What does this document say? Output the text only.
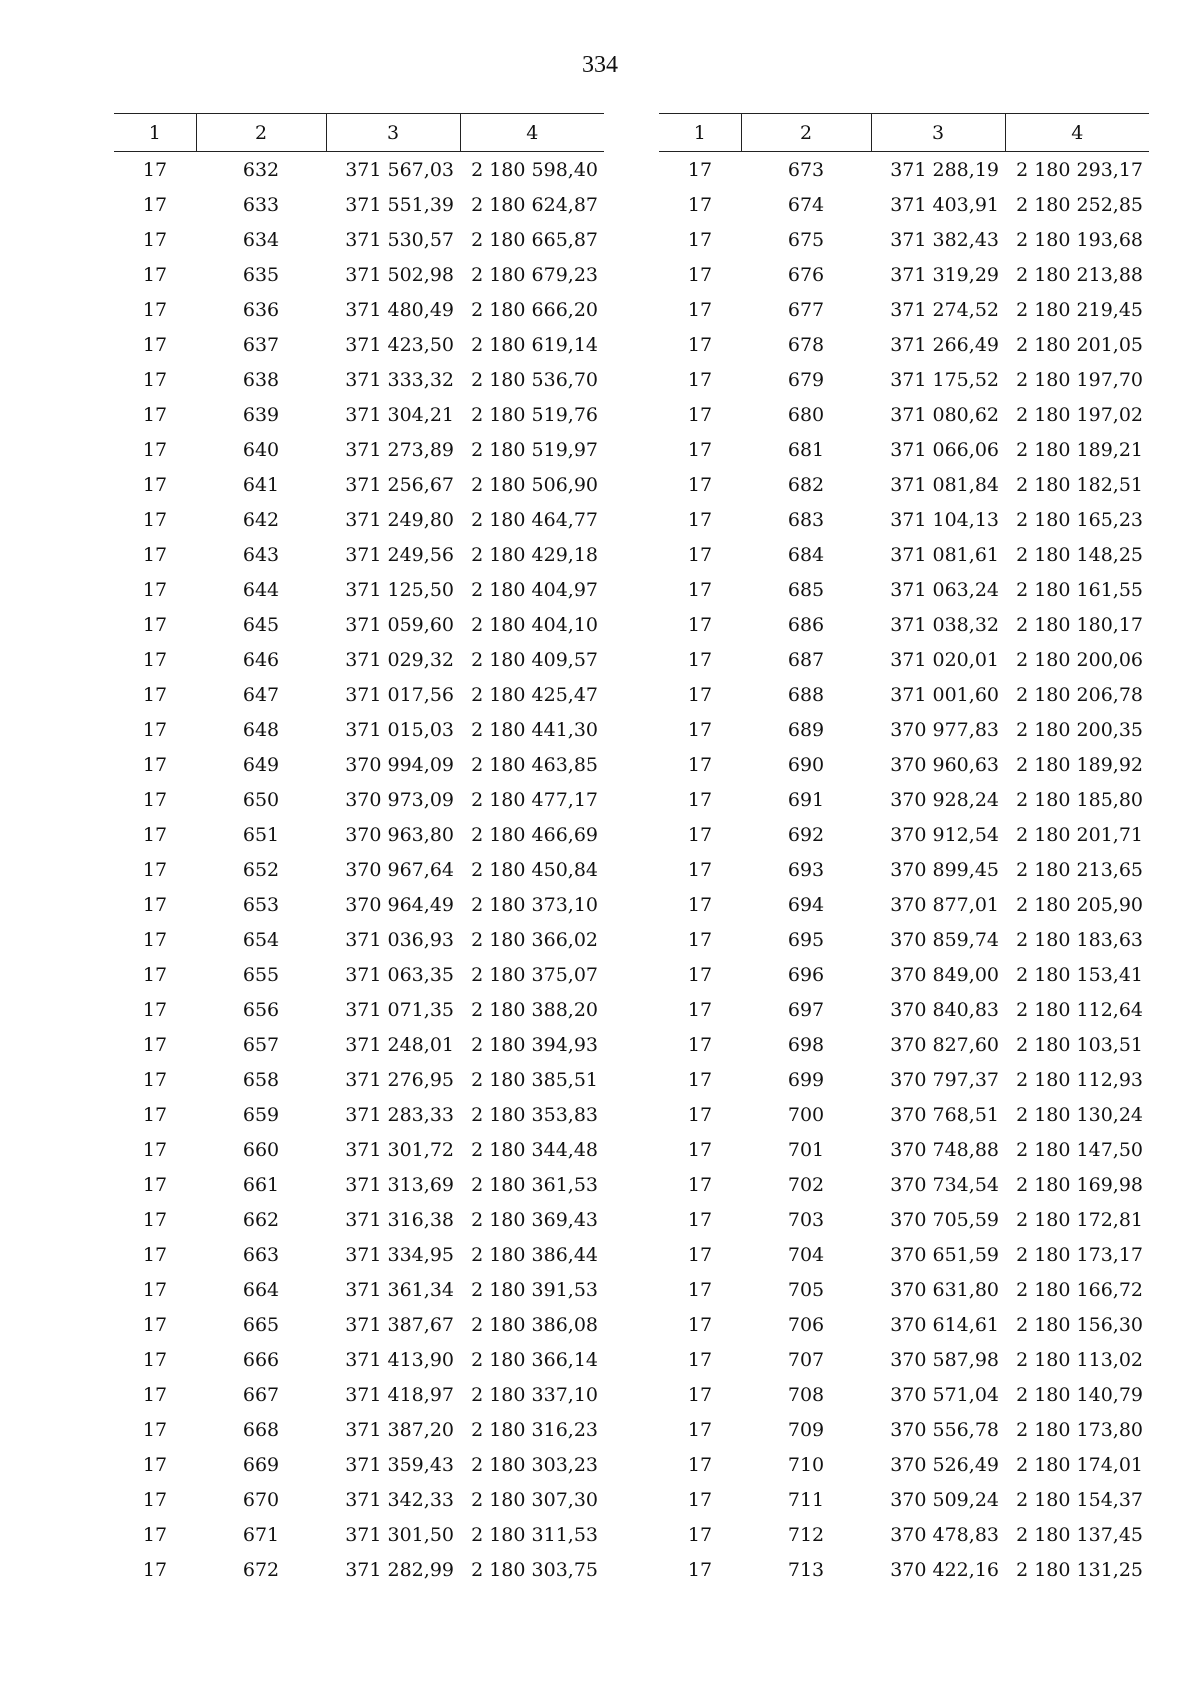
334
1	2	3	4
17	632	371 567,03	2 180 598,40
17	633	371 551,39	2 180 624,87
17	634	371 530,57	2 180 665,87
17	635	371 502,98	2 180 679,23
17	636	371 480,49	2 180 666,20
17	637	371 423,50	2 180 619,14
17	638	371 333,32	2 180 536,70
17	639	371 304,21	2 180 519,76
17	640	371 273,89	2 180 519,97
17	641	371 256,67	2 180 506,90
17	642	371 249,80	2 180 464,77
17	643	371 249,56	2 180 429,18
17	644	371 125,50	2 180 404,97
17	645	371 059,60	2 180 404,10
17	646	371 029,32	2 180 409,57
17	647	371 017,56	2 180 425,47
17	648	371 015,03	2 180 441,30
17	649	370 994,09	2 180 463,85
17	650	370 973,09	2 180 477,17
17	651	370 963,80	2 180 466,69
17	652	370 967,64	2 180 450,84
17	653	370 964,49	2 180 373,10
17	654	371 036,93	2 180 366,02
17	655	371 063,35	2 180 375,07
17	656	371 071,35	2 180 388,20
17	657	371 248,01	2 180 394,93
17	658	371 276,95	2 180 385,51
17	659	371 283,33	2 180 353,83
17	660	371 301,72	2 180 344,48
17	661	371 313,69	2 180 361,53
17	662	371 316,38	2 180 369,43
17	663	371 334,95	2 180 386,44
17	664	371 361,34	2 180 391,53
17	665	371 387,67	2 180 386,08
17	666	371 413,90	2 180 366,14
17	667	371 418,97	2 180 337,10
17	668	371 387,20	2 180 316,23
17	669	371 359,43	2 180 303,23
17	670	371 342,33	2 180 307,30
17	671	371 301,50	2 180 311,53
17	672	371 282,99	2 180 303,75
1	2	3	4
17	673	371 288,19	2 180 293,17
17	674	371 403,91	2 180 252,85
17	675	371 382,43	2 180 193,68
17	676	371 319,29	2 180 213,88
17	677	371 274,52	2 180 219,45
17	678	371 266,49	2 180 201,05
17	679	371 175,52	2 180 197,70
17	680	371 080,62	2 180 197,02
17	681	371 066,06	2 180 189,21
17	682	371 081,84	2 180 182,51
17	683	371 104,13	2 180 165,23
17	684	371 081,61	2 180 148,25
17	685	371 063,24	2 180 161,55
17	686	371 038,32	2 180 180,17
17	687	371 020,01	2 180 200,06
17	688	371 001,60	2 180 206,78
17	689	370 977,83	2 180 200,35
17	690	370 960,63	2 180 189,92
17	691	370 928,24	2 180 185,80
17	692	370 912,54	2 180 201,71
17	693	370 899,45	2 180 213,65
17	694	370 877,01	2 180 205,90
17	695	370 859,74	2 180 183,63
17	696	370 849,00	2 180 153,41
17	697	370 840,83	2 180 112,64
17	698	370 827,60	2 180 103,51
17	699	370 797,37	2 180 112,93
17	700	370 768,51	2 180 130,24
17	701	370 748,88	2 180 147,50
17	702	370 734,54	2 180 169,98
17	703	370 705,59	2 180 172,81
17	704	370 651,59	2 180 173,17
17	705	370 631,80	2 180 166,72
17	706	370 614,61	2 180 156,30
17	707	370 587,98	2 180 113,02
17	708	370 571,04	2 180 140,79
17	709	370 556,78	2 180 173,80
17	710	370 526,49	2 180 174,01
17	711	370 509,24	2 180 154,37
17	712	370 478,83	2 180 137,45
17	713	370 422,16	2 180 131,25
